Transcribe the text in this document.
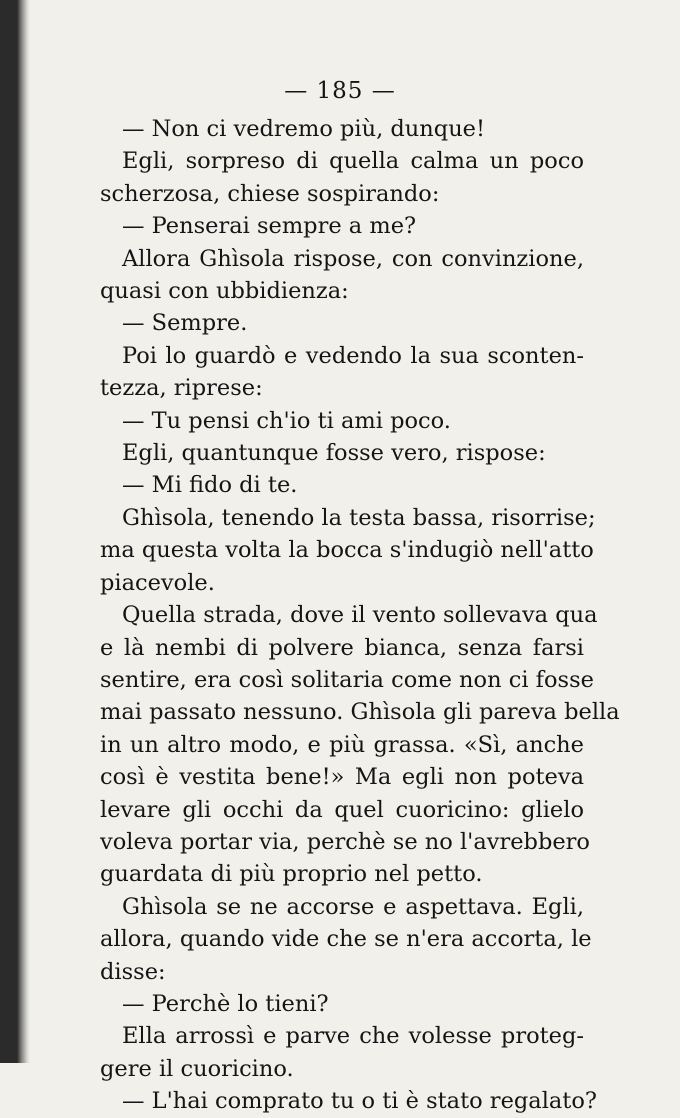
— 185 —
— Non ci vedremo più, dunque!
Egli, sorpreso di quella calma un poco
scherzosa, chiese sospirando:
— Penserai sempre a me?
Allora Ghìsola rispose, con convinzione,
quasi con ubbidienza:
— Sempre.
Poi lo guardò e vedendo la sua sconten-
tezza, riprese:
— Tu pensi ch'io ti ami poco.
Egli, quantunque fosse vero, rispose:
— Mi fido di te.
Ghìsola, tenendo la testa bassa, risorrise;
ma questa volta la bocca s'indugiò nell'atto
piacevole.
Quella strada, dove il vento sollevava qua
e là nembi di polvere bianca, senza farsi
sentire, era così solitaria come non ci fosse
mai passato nessuno. Ghìsola gli pareva bella
in un altro modo, e più grassa. «Sì, anche
così è vestita bene!» Ma egli non poteva
levare gli occhi da quel cuoricino: glielo
voleva portar via, perchè se no l'avrebbero
guardata di più proprio nel petto.
Ghìsola se ne accorse e aspettava. Egli,
allora, quando vide che se n'era accorta, le
disse:
— Perchè lo tieni?
Ella arrossì e parve che volesse proteg-
gere il cuoricino.
— L'hai comprato tu o ti è stato regalato?
